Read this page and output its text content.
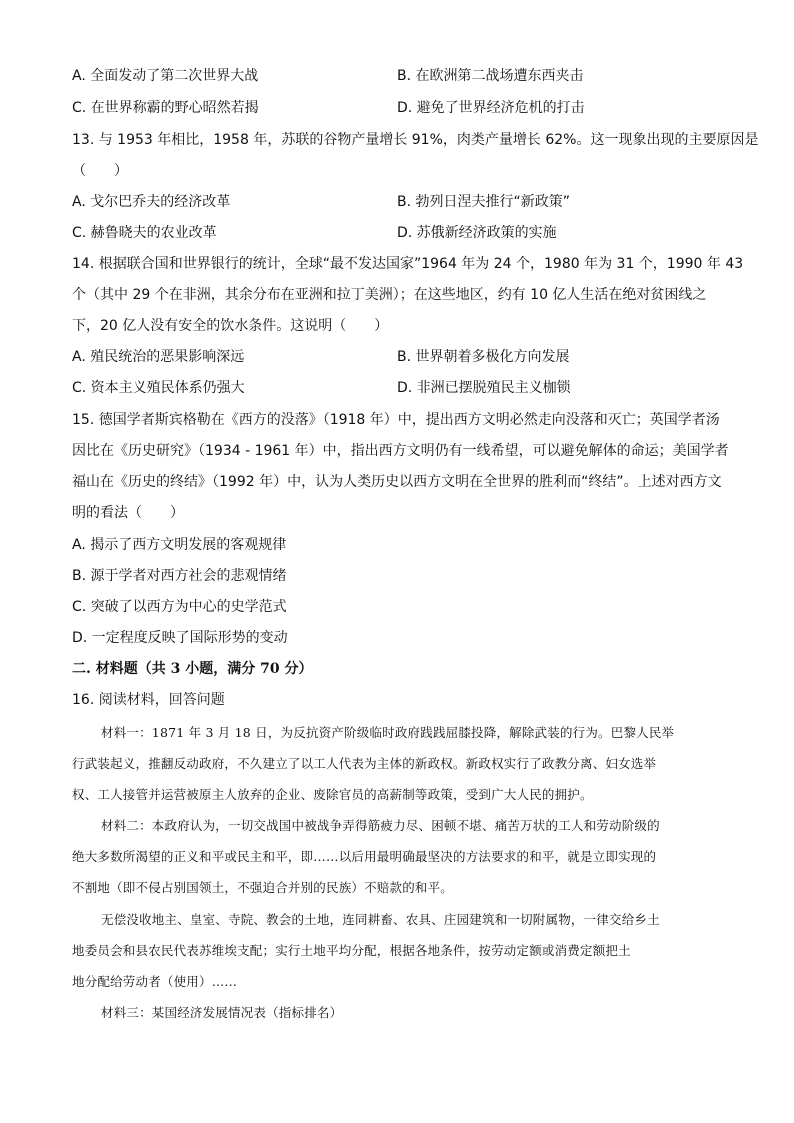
A. 全面发动了第二次世界大战	B. 在欧洲第二战场遭东西夹击
C. 在世界称霸的野心昭然若揭	D. 避免了世界经济危机的打击
13. 与 1953 年相比，1958 年，苏联的谷物产量增长 91%，肉类产量增长 62%。这一现象出现的主要原因是
（　　）
A. 戈尔巴乔夫的经济改革	B. 勃列日涅夫推行“新政策”
C. 赫鲁晓夫的农业改革	D. 苏俄新经济政策的实施
14. 根据联合国和世界银行的统计，全球“最不发达国家”1964 年为 24 个，1980 年为 31 个，1990 年 43
个（其中 29 个在非洲，其余分布在亚洲和拉丁美洲）；在这些地区，约有 10 亿人生活在绝对贫困线之
下，20 亿人没有安全的饮水条件。这说明（　　）
A. 殖民统治的恶果影响深远	B. 世界朝着多极化方向发展
C. 资本主义殖民体系仍强大	D. 非洲已摆脱殖民主义枷锁
15. 德国学者斯宾格勒在《西方的没落》（1918 年）中，提出西方文明必然走向没落和灭亡；英国学者汤
因比在《历史研究》（1934 - 1961 年）中，指出西方文明仍有一线希望，可以避免解体的命运；美国学者
福山在《历史的终结》（1992 年）中，认为人类历史以西方文明在全世界的胜利而“终结”。上述对西方文
明的看法（　　）
A. 揭示了西方文明发展的客观规律
B. 源于学者对西方社会的悲观情绪
C. 突破了以西方为中心的史学范式
D. 一定程度反映了国际形势的变动
二. 材料题（共 3 小题，满分 70 分）
16. 阅读材料，回答问题
材料一：1871 年 3 月 18 日，为反抗资产阶级临时政府践践屈膝投降，解除武装的行为。巴黎人民举
行武装起义，推翻反动政府，不久建立了以工人代表为主体的新政权。新政权实行了政教分离、妇女选举
权、工人接管并运营被原主人放弃的企业、废除官员的高薪制等政策，受到广大人民的拥护。
材料二：本政府认为，一切交战国中被战争弄得筋疲力尽、困顿不堪、痛苦万状的工人和劳动阶级的
绝大多数所渴望的正义和平或民主和平，即……以后用最明确最坚决的方法要求的和平，就是立即实现的
不割地（即不侵占别国领土，不强迫合并别的民族）不赔款的和平。
无偿没收地主、皇室、寺院、教会的土地，连同耕畜、农具、庄园建筑和一切附属物，一律交给乡土
地委员会和县农民代表苏维埃支配；实行土地平均分配，根据各地条件，按劳动定额或消费定额把土
地分配给劳动者（使用）……
材料三：某国经济发展情况表（指标排名）
